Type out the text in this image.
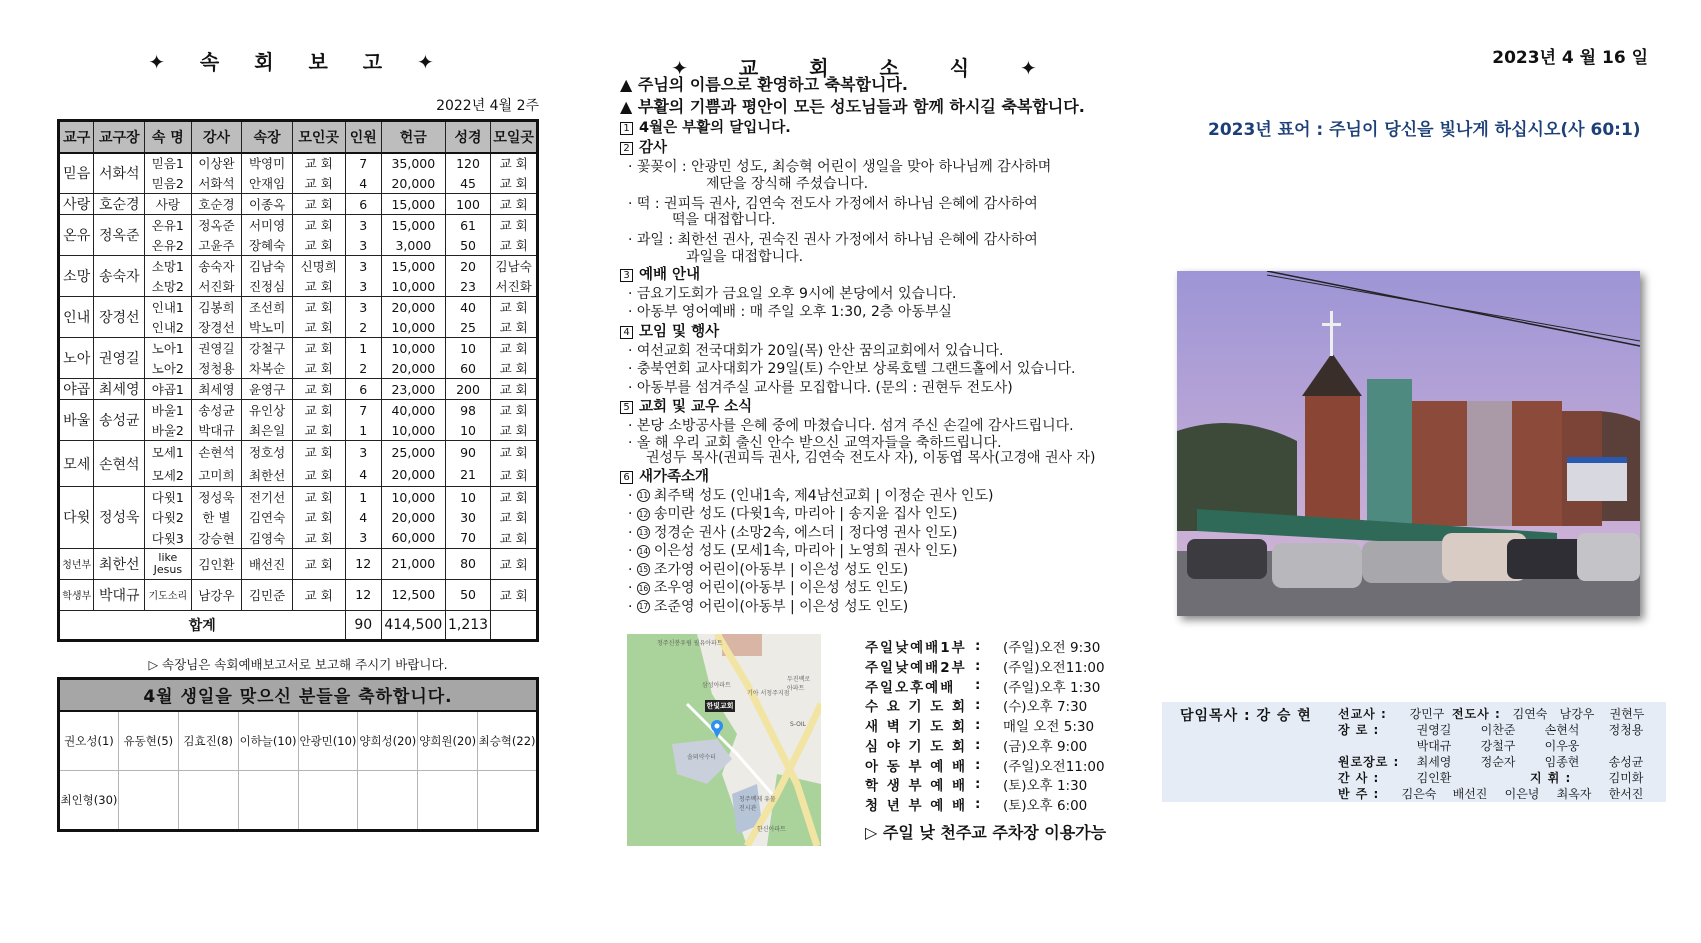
✦ 속 회 보 고 ✦
2022년 4월 2주
교구	교구장	속 명	강사	속장	모인곳	인원	헌금	성경	모일곳
믿음	서화석	믿음1	이상완	박영미	교 회	7	35,000	120	교 회
		믿음2	서화석	안재임	교 회	4	20,000	45	교 회
사랑	호순경	사랑	호순경	이종옥	교 회	6	15,000	100	교 회
온유	정옥준	온유1	정옥준	서미영	교 회	3	15,000	61	교 회
		온유2	고윤주	장혜숙	교 회	3	3,000	50	교 회
소망	송숙자	소망1	송숙자	김남숙	신명희	3	15,000	20	김남숙
		소망2	서진화	진정심	교 회	3	10,000	23	서진화
인내	장경선	인내1	김봉희	조선희	교 회	3	20,000	40	교 회
		인내2	장경선	박노미	교 회	2	10,000	25	교 회
노아	권영길	노아1	권영길	강철구	교 회	1	10,000	10	교 회
		노아2	정청용	차복순	교 회	2	20,000	60	교 회
야곱	최세영	야곱1	최세영	윤영구	교 회	6	23,000	200	교 회
바울	송성균	바울1	송성균	유인상	교 회	7	40,000	98	교 회
		바울2	박대규	최은일	교 회	1	10,000	10	교 회
모세	손현석	모세1	손현석	정호성	교 회	3	25,000	90	교 회
		모세2	고미희	최한선	교 회	4	20,000	21	교 회
다윗	정성욱	다윗1	정성욱	전기선	교 회	1	10,000	10	교 회
		다윗2	한 별	김연숙	교 회	4	20,000	30	교 회
		다윗3	강승현	김영숙	교 회	3	60,000	70	교 회
청년부	최한선	like Jesus	김인환	배선진	교 회	12	21,000	80	교 회
학생부	박대규	기도소리	남강우	김민준	교 회	12	12,500	50	교 회
합계						90	414,500	1,213	
▷ 속장님은 속회예배보고서로 보고해 주시기 바랍니다.
4월 생일을 맞으신 분들을 축하합니다.							
권오성(1)	유동현(5)	김효진(8)	이하늘(10)	안광민(10)	양희성(20)	양희원(20)	최승혁(22)
최인형(30)							
✦ 교 회 소 식 ✦
▲ 주님의 이름으로 환영하고 축복합니다.
▲ 부활의 기쁨과 평안이 모든 성도님들과 함께 하시길 축복합니다.
1 4월은 부활의 달입니다.
2 감사
· 꽃꽂이 : 안광민 성도, 최승혁 어린이 생일을 맞아 하나님께 감사하며
제단을 장식해 주셨습니다.
· 떡 : 권피득 권사, 김연숙 전도사 가정에서 하나님 은혜에 감사하여
떡을 대접합니다.
· 과일 : 최한선 권사, 권숙진 권사 가정에서 하나님 은혜에 감사하여
과일을 대접합니다.
3 예배 안내
· 금요기도회가 금요일 오후 9시에 본당에서 있습니다.
· 아동부 영어예배 : 매 주일 오후 1:30, 2층 아동부실
4 모임 및 행사
· 여선교회 전국대회가 20일(목) 안산 꿈의교회에서 있습니다.
· 충북연회 교사대회가 29일(토) 수안보 상록호텔 그랜드홀에서 있습니다.
· 아동부를 섬겨주실 교사를 모집합니다. (문의 : 권현두 전도사)
5 교회 및 교우 소식
· 본당 소방공사를 은혜 중에 마쳤습니다. 섬겨 주신 손길에 감사드립니다.
· 올 해 우리 교회 출신 안수 받으신 교역자들을 축하드립니다.
권성두 목사(권피득 권사, 김연숙 전도사 자), 이동엽 목사(고경애 권사 자)
6 새가족소개
· 11 최주택 성도 (인내1속, 제4남선교회 | 이정순 권사 인도)
· 12 송미란 성도 (다윗1속, 마리아 | 송지윤 집사 인도)
· 13 정경순 권사 (소망2속, 에스더 | 정다영 권사 인도)
· 14 이은성 성도 (모세1속, 마리아 | 노영희 권사 인도)
· 15 조가영 어린이(아동부 | 이은성 성도 인도)
· 16 조우영 어린이(아동부 | 이은성 성도 인도)
· 17 조준영 어린이(아동부 | 이은성 성도 인도)
한빛교회
청주신봉우림 필유아파트
삼성아파트
기아 서청주지점
두진백로 아파트
S-OIL
솔뫼약수터
청주백제 유물전시관
한신아파트
주일낮예배1부 :	(주일)오전 9:30
주일낮예배2부 :	(주일)오전11:00
주일오후예배	:	(주일)오후 1:30
수 요 기 도 회 :	(수)오후 7:30
새 벽 기 도 회 :	매일 오전 5:30
심 야 기 도 회 :	(금)오후 9:00
아 동 부 예 배 :	(주일)오전11:00
학 생 부 예 배 :	(토)오후 1:30
청 년 부 예 배 :	(토)오후 6:00
▷ 주일 낮 천주교 주차장 이용가능
2023년 4 월 16 일
2023년 표어 : 주님이 당신을 빛나게 하십시오(사 60:1)
담임목사 : 강 승 현 선교사 :	강민구 전도사 : 김연숙	남강우	권현두
장 로 :	권영길	이찬준	손현석	정청용
박대규	강철구	이우웅
원로장로 :	최세영	정순자	임종현	송성균
간 사 :	김인환	지 휘 :	김미화
반 주 :	김은숙	배선진	이은녕	최옥자	한서진
